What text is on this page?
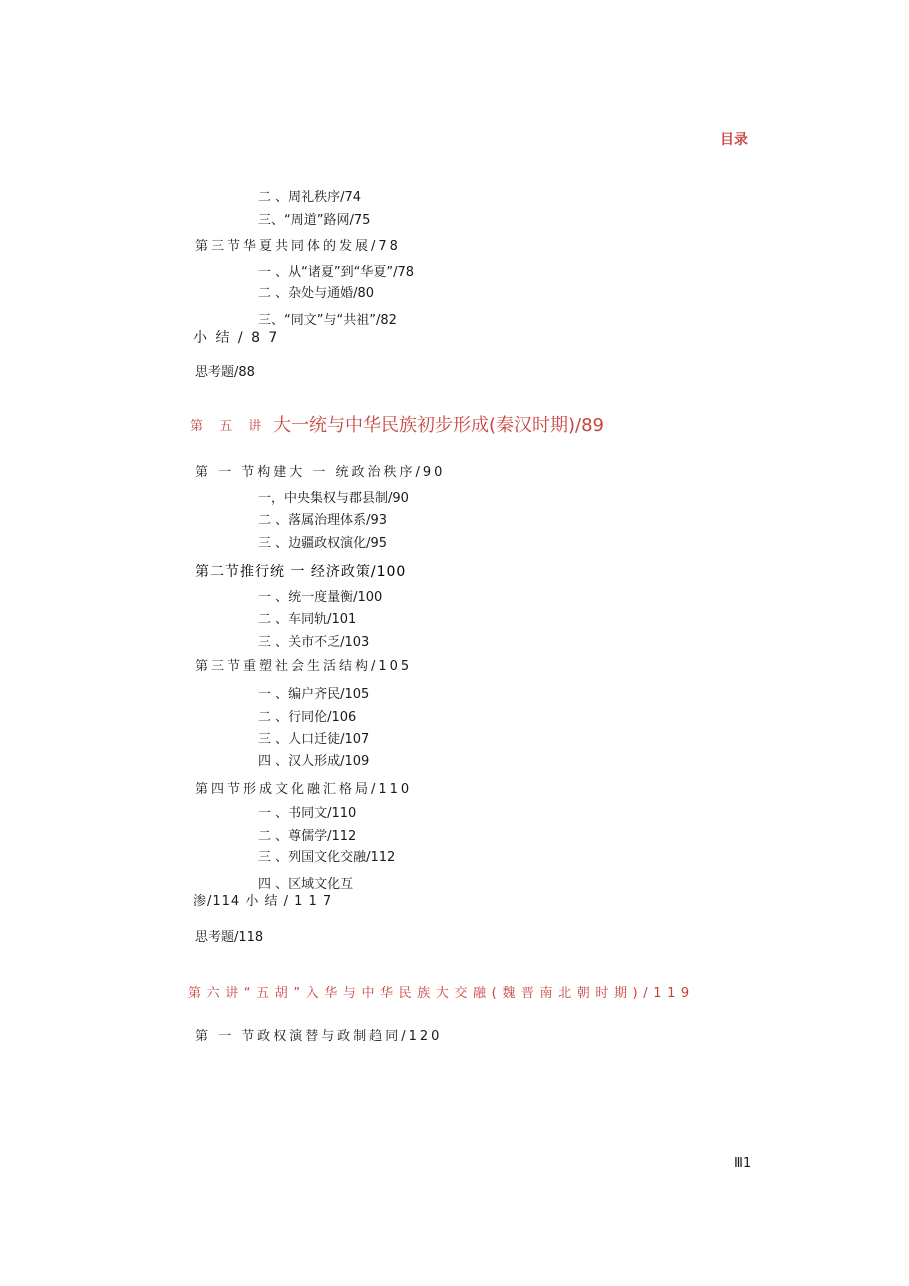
目录
二 、周礼秩序/74
三、“周道”路网/75
第三节华夏共同体的发展/78
一 、从“诸夏”到“华夏”/78
二 、杂处与通婚/80
三、“同文”与“共祖”/82
小 结 / 8 7
思考题/88
第 五 讲 大一统与中华民族初步形成(秦汉时期)/89
第 一 节构建大 一 统政治秩序/90
一，中央集权与郡县制/90
二 、落属治理体系/93
三 、边疆政权演化/95
第二节推行统 一 经济政策/100
一 、统一度量衡/100
二 、车同轨/101
三 、关市不乏/103
第三节重塑社会生活结构/105
一 、编户齐民/105
二 、行同伦/106
三 、人口迁徒/107
四 、汉人形成/109
第四节形成文化融汇格局/110
一 、书同文/110
二 、尊儒学/112
三 、列国文化交融/112
四 、区域文化互
渗/114 小 结 / 1 1 7
思考题/118
第六讲“五胡”入华与中华民族大交融(魏晋南北朝时期)/119
第 一 节政权演替与政制趋同/120
Ⅲ1
